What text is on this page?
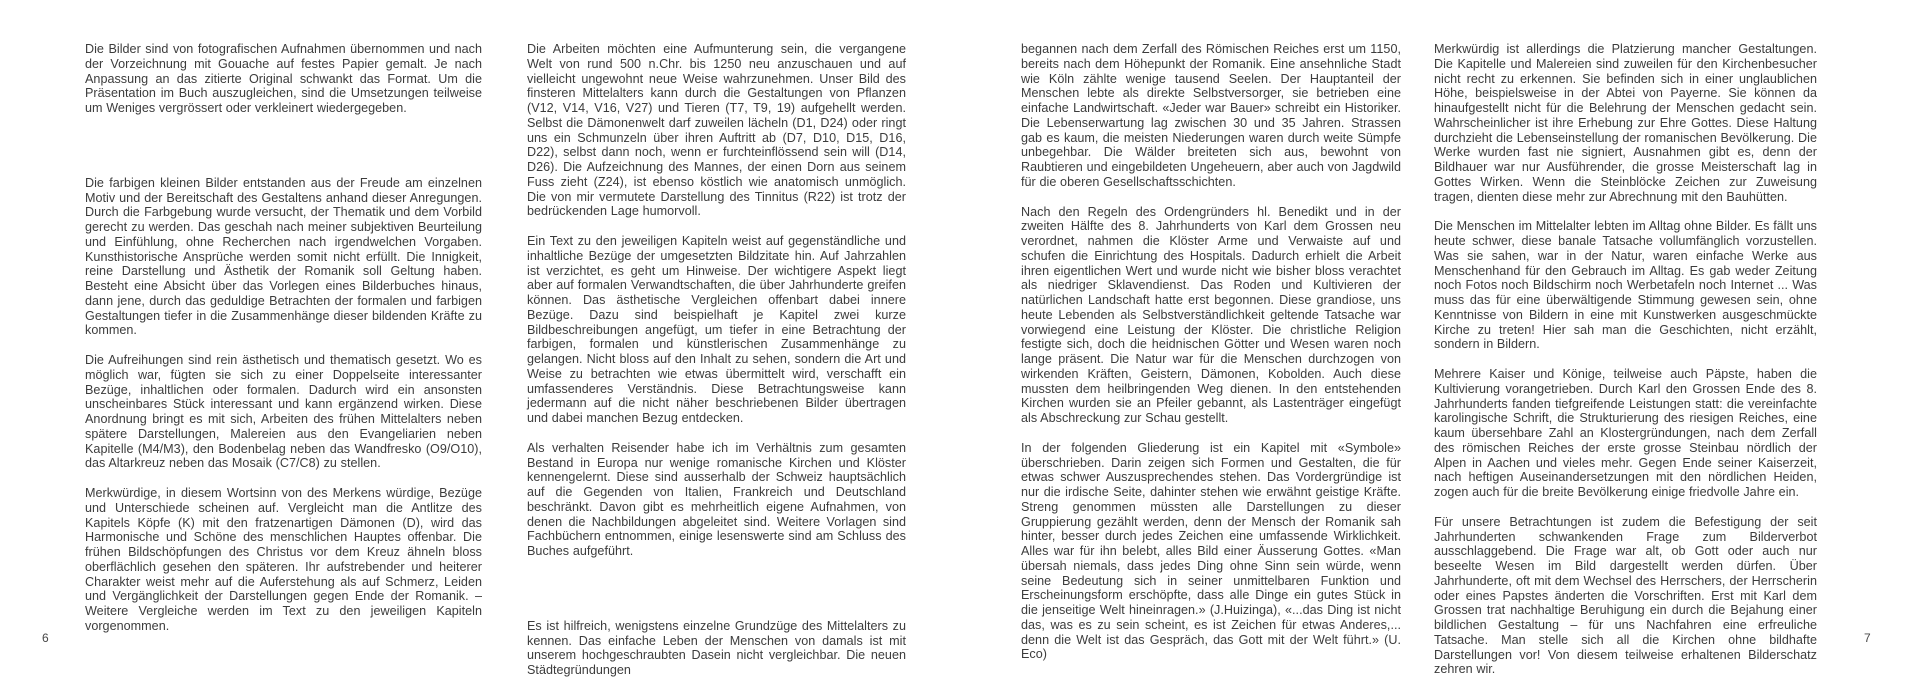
Die Bilder sind von fotografischen Aufnahmen übernommen und nach der Vorzeichnung mit Gouache auf festes Papier gemalt. Je nach Anpassung an das zitierte Original schwankt das Format. Um die Präsentation im Buch auszugleichen, sind die Umsetzungen teilweise um Weniges vergrössert oder verkleinert wiedergegeben.

Die farbigen kleinen Bilder entstanden aus der Freude am einzelnen Motiv und der Bereitschaft des Gestaltens anhand dieser Anregungen. Durch die Farbgebung wurde versucht, der Thematik und dem Vorbild gerecht zu werden. Das geschah nach meiner subjektiven Beurteilung und Einfühlung, ohne Recherchen nach irgendwelchen Vorgaben. Kunsthistorische Ansprüche werden somit nicht erfüllt. Die Innigkeit, reine Darstellung und Ästhetik der Romanik soll Geltung haben. Besteht eine Absicht über das Vorlegen eines Bilderbuches hinaus, dann jene, durch das geduldige Betrachten der formalen und farbigen Gestaltungen tiefer in die Zusammenhänge dieser bildenden Kräfte zu kommen.

Die Aufreihungen sind rein ästhetisch und thematisch gesetzt. Wo es möglich war, fügten sie sich zu einer Doppelseite interessanter Bezüge, inhaltlichen oder formalen. Dadurch wird ein ansonsten unscheinbares Stück interessant und kann ergänzend wirken. Diese Anordnung bringt es mit sich, Arbeiten des frühen Mittelalters neben spätere Darstellungen, Malereien aus den Evangeliarien neben Kapitelle (M4/M3), den Bodenbelag neben das Wandfresko (O9/O10), das Altarkreuz neben das Mosaik (C7/C8) zu stellen.

Merkwürdige, in diesem Wortsinn von des Merkens würdige, Bezüge und Unterschiede scheinen auf. Vergleicht man die Antlitze des Kapitels Köpfe (K) mit den fratzenartigen Dämonen (D), wird das Harmonische und Schöne des menschlichen Hauptes offenbar. Die frühen Bildschöpfungen des Christus vor dem Kreuz ähneln bloss oberflächlich gesehen den späteren. Ihr aufstrebender und heiterer Charakter weist mehr auf die Auferstehung als auf Schmerz, Leiden und Vergänglichkeit der Darstellungen gegen Ende der Romanik. – Weitere Vergleiche werden im Text zu den jeweiligen Kapiteln vorgenommen.

Die Arbeiten möchten eine Aufmunterung sein, die vergangene Welt von rund 500 n.Chr. bis 1250 neu anzuschauen und auf vielleicht ungewohnt neue Weise wahrzunehmen. Unser Bild des finsteren Mittelalters kann durch die Gestaltungen von Pflanzen (V12, V14, V16, V27) und Tieren (T7, T9, 19) aufgehellt werden. Selbst die Dämonenwelt darf zuweilen lächeln (D1, D24) oder ringt uns ein Schmunzeln über ihren Auftritt ab (D7, D10, D15, D16, D22), selbst dann noch, wenn er furchteinflössend sein will (D14, D26). Die Aufzeichnung des Mannes, der einen Dorn aus seinem Fuss zieht (Z24), ist ebenso köstlich wie anatomisch unmöglich. Die von mir vermutete Darstellung des Tinnitus (R22) ist trotz der bedrückenden Lage humorvoll.

Ein Text zu den jeweiligen Kapiteln weist auf gegenständliche und inhaltliche Bezüge der umgesetzten Bildzitate hin. Auf Jahrzahlen ist verzichtet, es geht um Hinweise. Der wichtigere Aspekt liegt aber auf formalen Verwandtschaften, die über Jahrhunderte greifen können. Das ästhetische Vergleichen offenbart dabei innere Bezüge. Dazu sind beispielhaft je Kapitel zwei kurze Bildbeschreibungen angefügt, um tiefer in eine Betrachtung der farbigen, formalen und künstlerischen Zusammenhänge zu gelangen. Nicht bloss auf den Inhalt zu sehen, sondern die Art und Weise zu betrachten wie etwas übermittelt wird, verschafft ein umfassenderes Verständnis. Diese Betrachtungsweise kann jedermann auf die nicht näher beschriebenen Bilder übertragen und dabei manchen Bezug entdecken.

Als verhalten Reisender habe ich im Verhältnis zum gesamten Bestand in Europa nur wenige romanische Kirchen und Klöster kennengelernt. Diese sind ausserhalb der Schweiz hauptsächlich auf die Gegenden von Italien, Frankreich und Deutschland beschränkt. Davon gibt es mehrheitlich eigene Aufnahmen, von denen die Nachbildungen abgeleitet sind. Weitere Vorlagen sind Fachbüchern entnommen, einige lesenswerte sind am Schluss des Buches aufgeführt.

Es ist hilfreich, wenigstens einzelne Grundzüge des Mittelalters zu kennen. Das einfache Leben der Menschen von damals ist mit unserem hochgeschraubten Dasein nicht vergleichbar. Die neuen Städtegründungen

begannen nach dem Zerfall des Römischen Reiches erst um 1150, bereits nach dem Höhepunkt der Romanik. Eine ansehnliche Stadt wie Köln zählte wenige tausend Seelen. Der Hauptanteil der Menschen lebte als direkte Selbstversorger, sie betrieben eine einfache Landwirtschaft. «Jeder war Bauer» schreibt ein Historiker. Die Lebenserwartung lag zwischen 30 und 35 Jahren. Strassen gab es kaum, die meisten Niederungen waren durch weite Sümpfe unbegehbar. Die Wälder breiteten sich aus, bewohnt von Raubtieren und eingebildeten Ungeheuern, aber auch von Jagdwild für die oberen Gesellschaftsschichten.

Nach den Regeln des Ordengründers hl. Benedikt und in der zweiten Hälfte des 8. Jahrhunderts von Karl dem Grossen neu verordnet, nahmen die Klöster Arme und Verwaiste auf und schufen die Einrichtung des Hospitals. Dadurch erhielt die Arbeit ihren eigentlichen Wert und wurde nicht wie bisher bloss verachtet als niedriger Sklavendienst. Das Roden und Kultivieren der natürlichen Landschaft hatte erst begonnen. Diese grandiose, uns heute Lebenden als Selbstverständlichkeit geltende Tatsache war vorwiegend eine Leistung der Klöster. Die christliche Religion festigte sich, doch die heidnischen Götter und Wesen waren noch lange präsent. Die Natur war für die Menschen durchzogen von wirkenden Kräften, Geistern, Dämonen, Kobolden. Auch diese mussten dem heilbringenden Weg dienen. In den entstehenden Kirchen wurden sie an Pfeiler gebannt, als Lastenträger eingefügt als Abschreckung zur Schau gestellt.

In der folgenden Gliederung ist ein Kapitel mit «Symbole» überschrieben. Darin zeigen sich Formen und Gestalten, die für etwas schwer Auszusprechendes stehen. Das Vordergründige ist nur die irdische Seite, dahinter stehen wie erwähnt geistige Kräfte. Streng genommen müssten alle Darstellungen zu dieser Gruppierung gezählt werden, denn der Mensch der Romanik sah hinter, besser durch jedes Zeichen eine umfassende Wirklichkeit. Alles war für ihn belebt, alles Bild einer Äusserung Gottes. «Man übersah niemals, dass jedes Ding ohne Sinn sein würde, wenn seine Bedeutung sich in seiner unmittelbaren Funktion und Erscheinungsform erschöpfte, dass alle Dinge ein gutes Stück in die jenseitige Welt hineinragen.» (J.Huizinga), «...das Ding ist nicht das, was es zu sein scheint, es ist Zeichen für etwas Anderes,... denn die Welt ist das Gespräch, das Gott mit der Welt führt.» (U. Eco)

Merkwürdig ist allerdings die Platzierung mancher Gestaltungen. Die Kapitelle und Malereien sind zuweilen für den Kirchenbesucher nicht recht zu erkennen. Sie befinden sich in einer unglaublichen Höhe, beispielsweise in der Abtei von Payerne. Sie können da hinaufgestellt nicht für die Belehrung der Menschen gedacht sein. Wahrscheinlicher ist ihre Erhebung zur Ehre Gottes. Diese Haltung durchzieht die Lebenseinstellung der romanischen Bevölkerung. Die Werke wurden fast nie signiert, Ausnahmen gibt es, denn der Bildhauer war nur Ausführender, die grosse Meisterschaft lag in Gottes Wirken. Wenn die Steinblöcke Zeichen zur Zuweisung tragen, dienten diese mehr zur Abrechnung mit den Bauhütten.

Die Menschen im Mittelalter lebten im Alltag ohne Bilder. Es fällt uns heute schwer, diese banale Tatsache vollumfänglich vorzustellen. Was sie sahen, war in der Natur, waren einfache Werke aus Menschenhand für den Gebrauch im Alltag. Es gab weder Zeitung noch Fotos noch Bildschirm noch Werbetafeln noch Internet ... Was muss das für eine überwältigende Stimmung gewesen sein, ohne Kenntnisse von Bildern in eine mit Kunstwerken ausgeschmückte Kirche zu treten! Hier sah man die Geschichten, nicht erzählt, sondern in Bildern.

Mehrere Kaiser und Könige, teilweise auch Päpste, haben die Kultivierung vorangetrieben. Durch Karl den Grossen Ende des 8. Jahrhunderts fanden tiefgreifende Leistungen statt: die vereinfachte karolingische Schrift, die Strukturierung des riesigen Reiches, eine kaum übersehbare Zahl an Klostergründungen, nach dem Zerfall des römischen Reiches der erste grosse Steinbau nördlich der Alpen in Aachen und vieles mehr. Gegen Ende seiner Kaiserzeit, nach heftigen Auseinandersetzungen mit den nördlichen Heiden, zogen auch für die breite Bevölkerung einige friedvolle Jahre ein.

Für unsere Betrachtungen ist zudem die Befestigung der seit Jahrhunderten schwankenden Frage zum Bilderverbot ausschlaggebend. Die Frage war alt, ob Gott oder auch nur beseelte Wesen im Bild dargestellt werden dürfen. Über Jahrhunderte, oft mit dem Wechsel des Herrschers, der Herrscherin oder eines Papstes änderten die Vorschriften. Erst mit Karl dem Grossen trat nachhaltige Beruhigung ein durch die Bejahung einer bildlichen Gestaltung – für uns Nachfahren eine erfreuliche Tatsache. Man stelle sich all die Kirchen ohne bildhafte Darstellungen vor! Von diesem teilweise erhaltenen Bilderschatz zehren wir.

6	7
